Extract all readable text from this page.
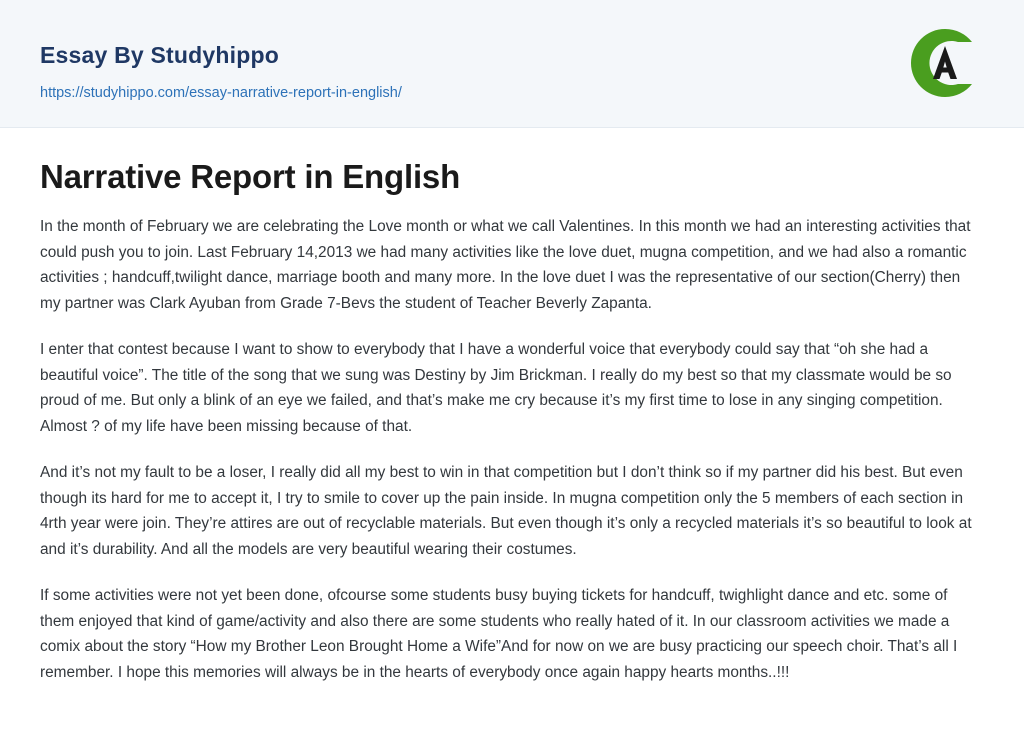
Essay By Studyhippo
https://studyhippo.com/essay-narrative-report-in-english/
Narrative Report in English

In the month of February we are celebrating the Love month or what we call Valentines. In this month we had an interesting activities that could push you to join. Last February 14,2013 we had many activities like the love duet, mugna competition, and we had also a romantic activities ; handcuff,twilight dance, marriage booth and many more. In the love duet I was the representative of our section(Cherry) then my partner was Clark Ayuban from Grade 7-Bevs the student of Teacher Beverly Zapanta.

I enter that contest because I want to show to everybody that I have a wonderful voice that everybody could say that “oh she had a beautiful voice”. The title of the song that we sung was Destiny by Jim Brickman. I really do my best so that my classmate would be so proud of me. But only a blink of an eye we failed, and that’s make me cry because it’s my first time to lose in any singing competition. Almost ? of my life have been missing because of that.

And it’s not my fault to be a loser, I really did all my best to win in that competition but I don’t think so if my partner did his best. But even though its hard for me to accept it, I try to smile to cover up the pain inside. In mugna competition only the 5 members of each section in 4rth year were join. They’re attires are out of recyclable materials. But even though it’s only a recycled materials it’s so beautiful to look at and it’s durability. And all the models are very beautiful wearing their costumes.

If some activities were not yet been done, ofcourse some students busy buying tickets for handcuff, twighlight dance and etc. some of them enjoyed that kind of game/activity and also there are some students who really hated of it. In our classroom activities we made a comix about the story “How my Brother Leon Brought Home a Wife”And for now on we are busy practicing our speech choir. That’s all I remember. I hope this memories will always be in the hearts of everybody once again happy hearts months..!!!
